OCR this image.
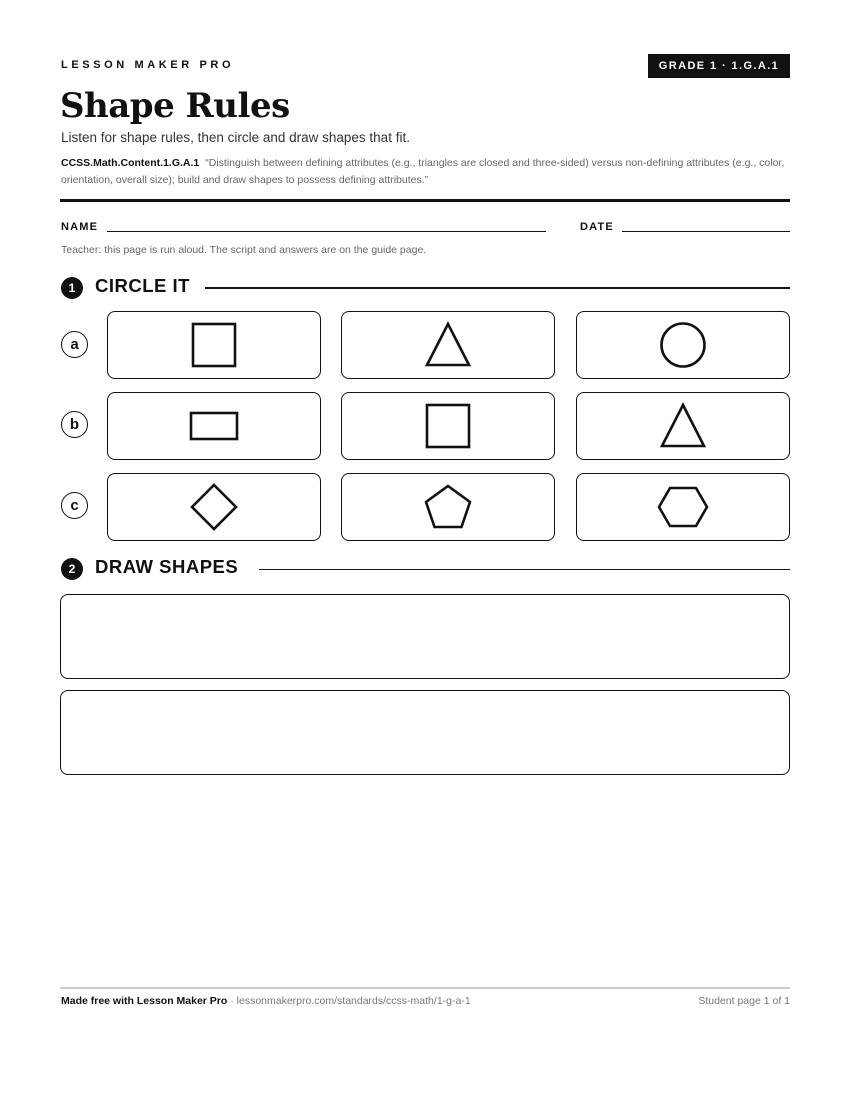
LESSON MAKER PRO	GRADE 1 · 1.G.A.1
Shape Rules
Listen for shape rules, then circle and draw shapes that fit.
CCSS.Math.Content.1.G.A.1 “Distinguish between defining attributes (e.g., triangles are closed and three-sided) versus non-defining attributes (e.g., color, orientation, overall size); build and draw shapes to possess defining attributes.”
NAME	DATE
Teacher: this page is run aloud. The script and answers are on the guide page.
1	CIRCLE IT
a
b
c
2	DRAW SHAPES
Made free with Lesson Maker Pro · lessonmakerpro.com/standards/ccss-math/1-g-a-1	Student page 1 of 1
